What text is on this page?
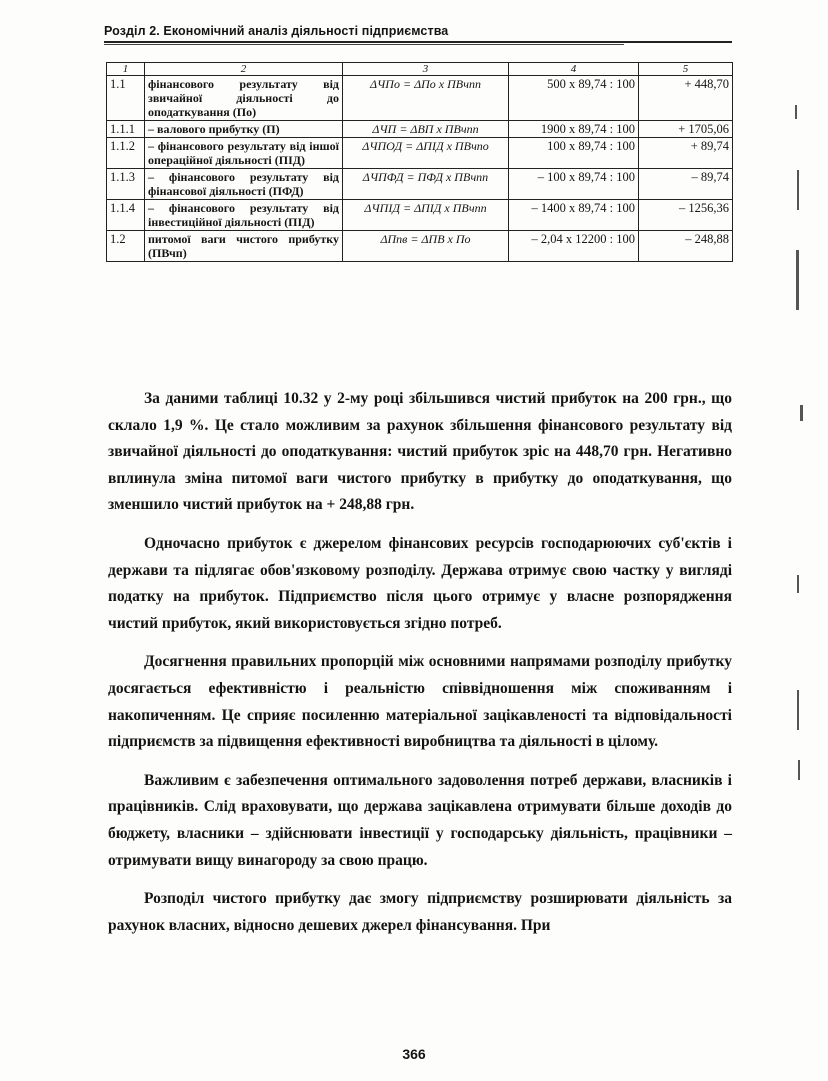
Розділ 2. Економічний аналіз діяльності підприємства
1	2	3	4	5
1.1	фінансового результату від звичайної діяльності до оподаткування (По)	ΔЧПо = ΔПо x ПВчпп	500 x 89,74 : 100	+ 448,70
1.1.1	– валового прибутку (П)	ΔЧП = ΔВП x ПВчпп	1900 x 89,74 : 100	+ 1705,06
1.1.2	– фінансового результату від іншої операційної діяльності (ПІД)	ΔЧПОД = ΔПІД x ПВчпо	100 x 89,74 : 100	+ 89,74
1.1.3	– фінансового результату від фінансової діяльності (ПФД)	ΔЧПФД = ПФД x ПВчпп	– 100 x 89,74 : 100	– 89,74
1.1.4	– фінансового результату від інвестиційної діяльності (ПІД)	ΔЧПІД = ΔПІД x ПВчпп	– 1400 x 89,74 : 100	– 1256,36
1.2	питомої ваги чистого прибутку (ПВчп)	ΔПпв = ΔПВ x По	– 2,04 x 12200 : 100	– 248,88

За даними таблиці 10.32 у 2-му році збільшився чистий прибуток на 200 грн., що склало 1,9 %. Це стало можливим за рахунок збільшення фінансового результату від звичайної діяльності до оподаткування: чистий прибуток зріс на 448,70 грн. Негативно вплинула зміна питомої ваги чистого прибутку в прибутку до оподаткування, що зменшило чистий прибуток на + 248,88 грн.

Одночасно прибуток є джерелом фінансових ресурсів господарюючих суб'єктів і держави та підлягає обов'язковому розподілу. Держава отримує свою частку у вигляді податку на прибуток. Підприємство після цього отримує у власне розпорядження чистий прибуток, який використовується згідно потреб.

Досягнення правильних пропорцій між основними напрямами розподілу прибутку досягається ефективністю і реальністю співвідношення між споживанням і накопиченням. Це сприяє посиленню матеріальної зацікавленості та відповідальності підприємств за підвищення ефективності виробництва та діяльності в цілому.

Важливим є забезпечення оптимального задоволення потреб держави, власників і працівників. Слід враховувати, що держава зацікавлена отримувати більше доходів до бюджету, власники – здійснювати інвестиції у господарську діяльність, працівники – отримувати вищу винагороду за свою працю.

Розподіл чистого прибутку дає змогу підприємству розширювати діяльність за рахунок власних, відносно дешевих джерел фінансування. При

366
